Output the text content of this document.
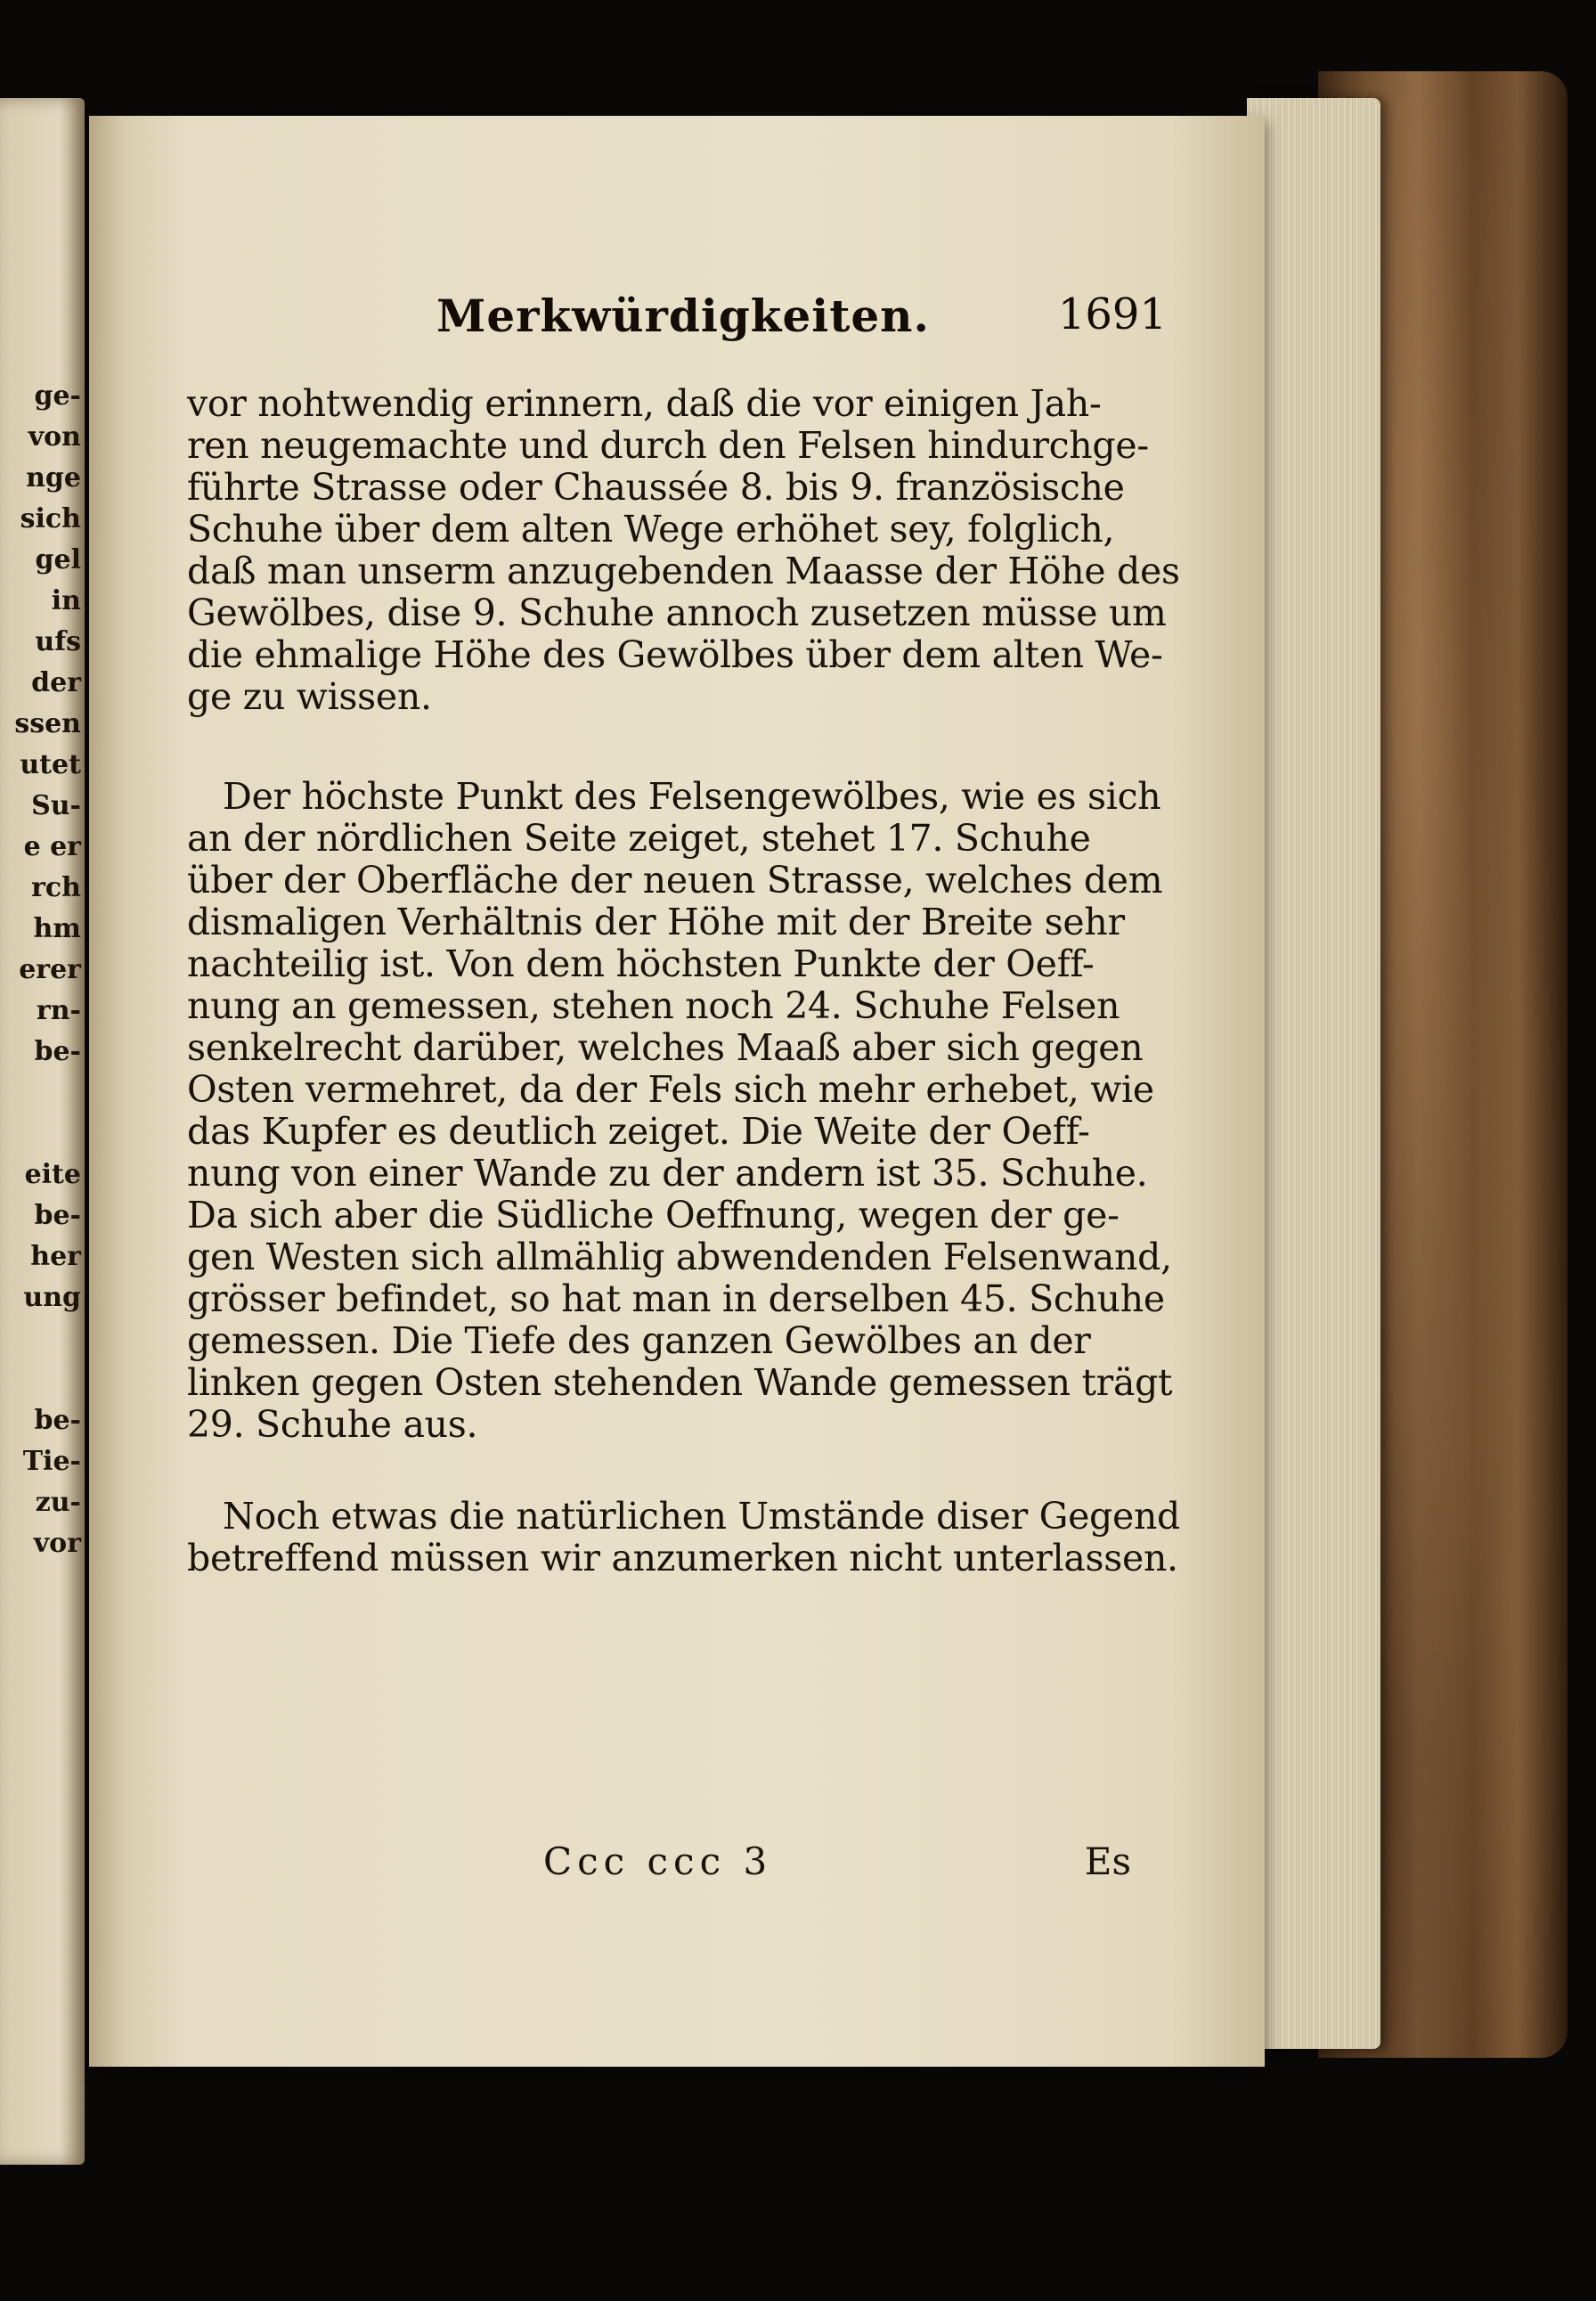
ge-
von
nge
sich
gel
in
ufs
der
ssen
utet
Su-
e er
rch
hm
erer
rn-
be-
eite
be-
her
ung
be-
Tie-
zu-
vor
Merkwürdigkeiten.	1691
vor nohtwendig erinnern, daß die vor einigen Jah-
ren neugemachte und durch den Felsen hindurchge-
führte Strasse oder Chaussée 8. bis 9. französische
Schuhe über dem alten Wege erhöhet sey, folglich,
daß man unserm anzugebenden Maasse der Höhe des
Gewölbes, dise 9. Schuhe annoch zusetzen müsse um
die ehmalige Höhe des Gewölbes über dem alten We-
ge zu wissen.
Der höchste Punkt des Felsengewölbes, wie es sich
an der nördlichen Seite zeiget, stehet 17. Schuhe
über der Oberfläche der neuen Strasse, welches dem
dismaligen Verhältnis der Höhe mit der Breite sehr
nachteilig ist. Von dem höchsten Punkte der Oeff-
nung an gemessen, stehen noch 24. Schuhe Felsen
senkelrecht darüber, welches Maaß aber sich gegen
Osten vermehret, da der Fels sich mehr erhebet, wie
das Kupfer es deutlich zeiget. Die Weite der Oeff-
nung von einer Wande zu der andern ist 35. Schuhe.
Da sich aber die Südliche Oeffnung, wegen der ge-
gen Westen sich allmählig abwendenden Felsenwand,
grösser befindet, so hat man in derselben 45. Schuhe
gemessen. Die Tiefe des ganzen Gewölbes an der
linken gegen Osten stehenden Wande gemessen trägt
29. Schuhe aus.
Noch etwas die natürlichen Umstände diser Gegend
betreffend müssen wir anzumerken nicht unterlassen.
Ccc ccc 3	Es
